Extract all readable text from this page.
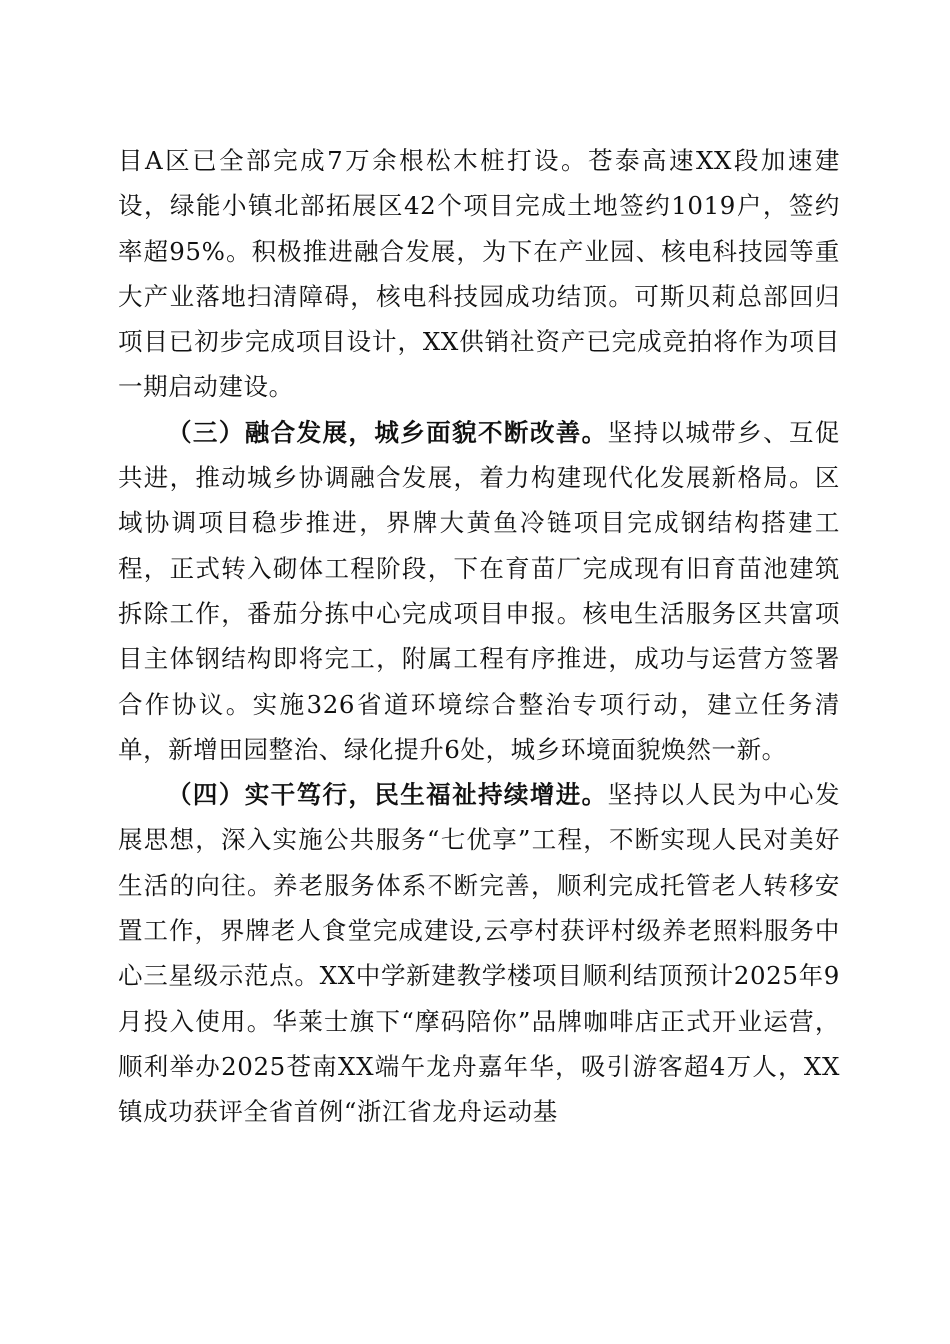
目A区已全部完成7万余根松木桩打设。苍泰高速XX段加速建设，绿能小镇北部拓展区42个项目完成土地签约1019户，签约率超95%。积极推进融合发展，为下在产业园、核电科技园等重大产业落地扫清障碍，核电科技园成功结顶。可斯贝莉总部回归项目已初步完成项目设计，XX供销社资产已完成竞拍将作为项目一期启动建设。

（三）融合发展，城乡面貌不断改善。坚持以城带乡、互促共进，推动城乡协调融合发展，着力构建现代化发展新格局。区域协调项目稳步推进，界牌大黄鱼冷链项目完成钢结构搭建工程，正式转入砌体工程阶段，下在育苗厂完成现有旧育苗池建筑拆除工作，番茄分拣中心完成项目申报。核电生活服务区共富项目主体钢结构即将完工，附属工程有序推进，成功与运营方签署合作协议。实施326省道环境综合整治专项行动，建立任务清单，新增田园整治、绿化提升6处，城乡环境面貌焕然一新。

（四）实干笃行，民生福祉持续增进。坚持以人民为中心发展思想，深入实施公共服务“七优享”工程，不断实现人民对美好生活的向往。养老服务体系不断完善，顺利完成托管老人转移安置工作，界牌老人食堂完成建设,云亭村获评村级养老照料服务中心三星级示范点。XX中学新建教学楼项目顺利结顶预计2025年9月投入使用。华莱士旗下“摩码陪你”品牌咖啡店正式开业运营，顺利举办2025苍南XX端午龙舟嘉年华，吸引游客超4万人，XX镇成功获评全省首例“浙江省龙舟运动基
